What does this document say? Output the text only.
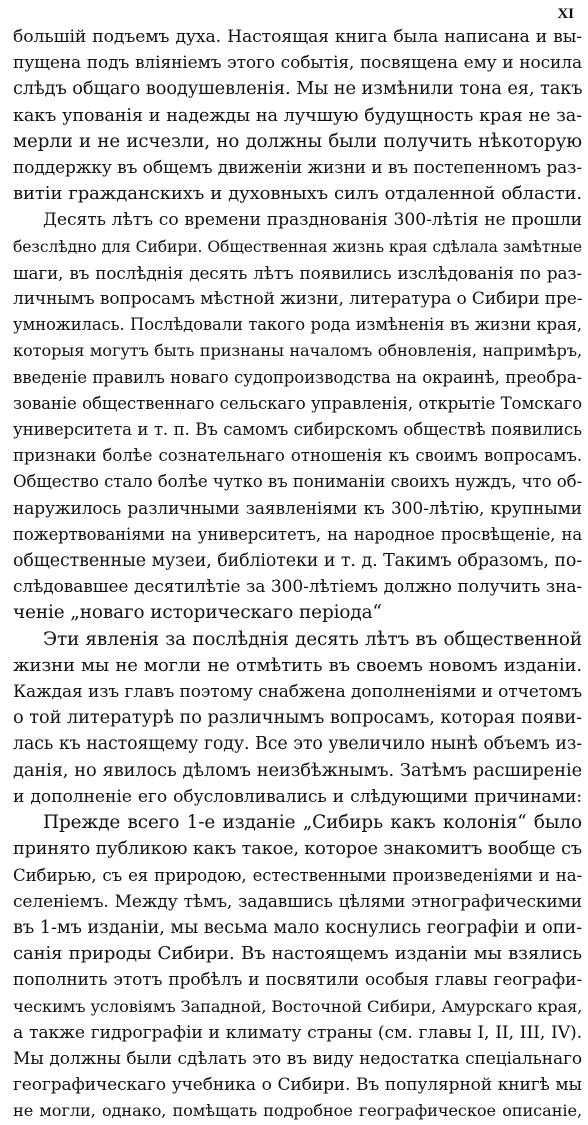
XI

большiй подъемъ духа. Настоящая книга была написана и вы-
пущена подъ влiянiемъ этого событiя, посвящена ему и носила
слѣдъ общаго воодушевленiя. Мы не измѣнили тона ея, такъ
какъ упованiя и надежды на лучшую будущность края не за-
мерли и не исчезли, но должны были получить нѣкоторую
поддержку въ общемъ движенiи жизни и въ постепенномъ раз-
витiи гражданскихъ и духовныхъ силъ отдаленной области.

Десять лѣтъ со времени празднованiя 300-лѣтiя не прошли
безслѣдно для Сибири. Общественная жизнь края сдѣлала замѣтные
шаги, въ послѣднiя десять лѣтъ появились изслѣдованiя по раз-
личнымъ вопросамъ мѣстной жизни, литература о Сибири пре-
умножилась. Послѣдовали такого рода измѣненiя въ жизни края,
которыя могутъ быть признаны началомъ обновленiя, напримѣръ,
введенiе правилъ новаго судопроизводства на окраинѣ, преобра-
зованiе общественнаго сельскаго управленiя, открытiе Томскаго
университета и т. п. Въ самомъ сибирскомъ обществѣ появились
признаки болѣе сознательнаго отношенiя къ своимъ вопросамъ.
Общество стало болѣе чутко въ пониманiи своихъ нуждъ, что об-
наружилось различными заявленiями къ 300-лѣтiю, крупными
пожертвованiями на университетъ, на народное просвѣщенiе, на
общественные музеи, библiотеки и т. д. Такимъ образомъ, по-
слѣдовавшее десятилѣтiе за 300-лѣтiемъ должно получить зна-
ченiе „новаго историческаго перiода“

Эти явленiя за послѣднiя десять лѣтъ въ общественной
жизни мы не могли не отмѣтить въ своемъ новомъ изданiи.
Каждая изъ главъ поэтому снабжена дополненiями и отчетомъ
о той литературѣ по различнымъ вопросамъ, которая появи-
лась къ настоящему году. Все это увеличило нынѣ объемъ из-
данiя, но явилось дѣломъ неизбѣжнымъ. Затѣмъ расширенiе
и дополненiе его обусловливались и слѣдующими причинами:

Прежде всего 1-е изданiе „Сибирь какъ колонiя“ было
принято публикою какъ такое, которое знакомитъ вообще съ
Сибирью, съ ея природою, естественными произведенiями и на-
селенiемъ. Между тѣмъ, задавшись цѣлями этнографическими
въ 1-мъ изданiи, мы весьма мало коснулись географiи и опи-
санiя природы Сибири. Въ настоящемъ изданiи мы взялись
пополнить этотъ пробѣлъ и посвятили особыя главы географи-
ческимъ условiямъ Западной, Восточной Сибири, Амурскаго края,
а также гидрографiи и климату страны (см. главы I, II, III, IV).
Мы должны были сдѣлать это въ виду недостатка спецiальнаго
географическаго учебника о Сибири. Въ популярной книгѣ мы
не могли, однако, помѣщать подробное географическое описанiе,
